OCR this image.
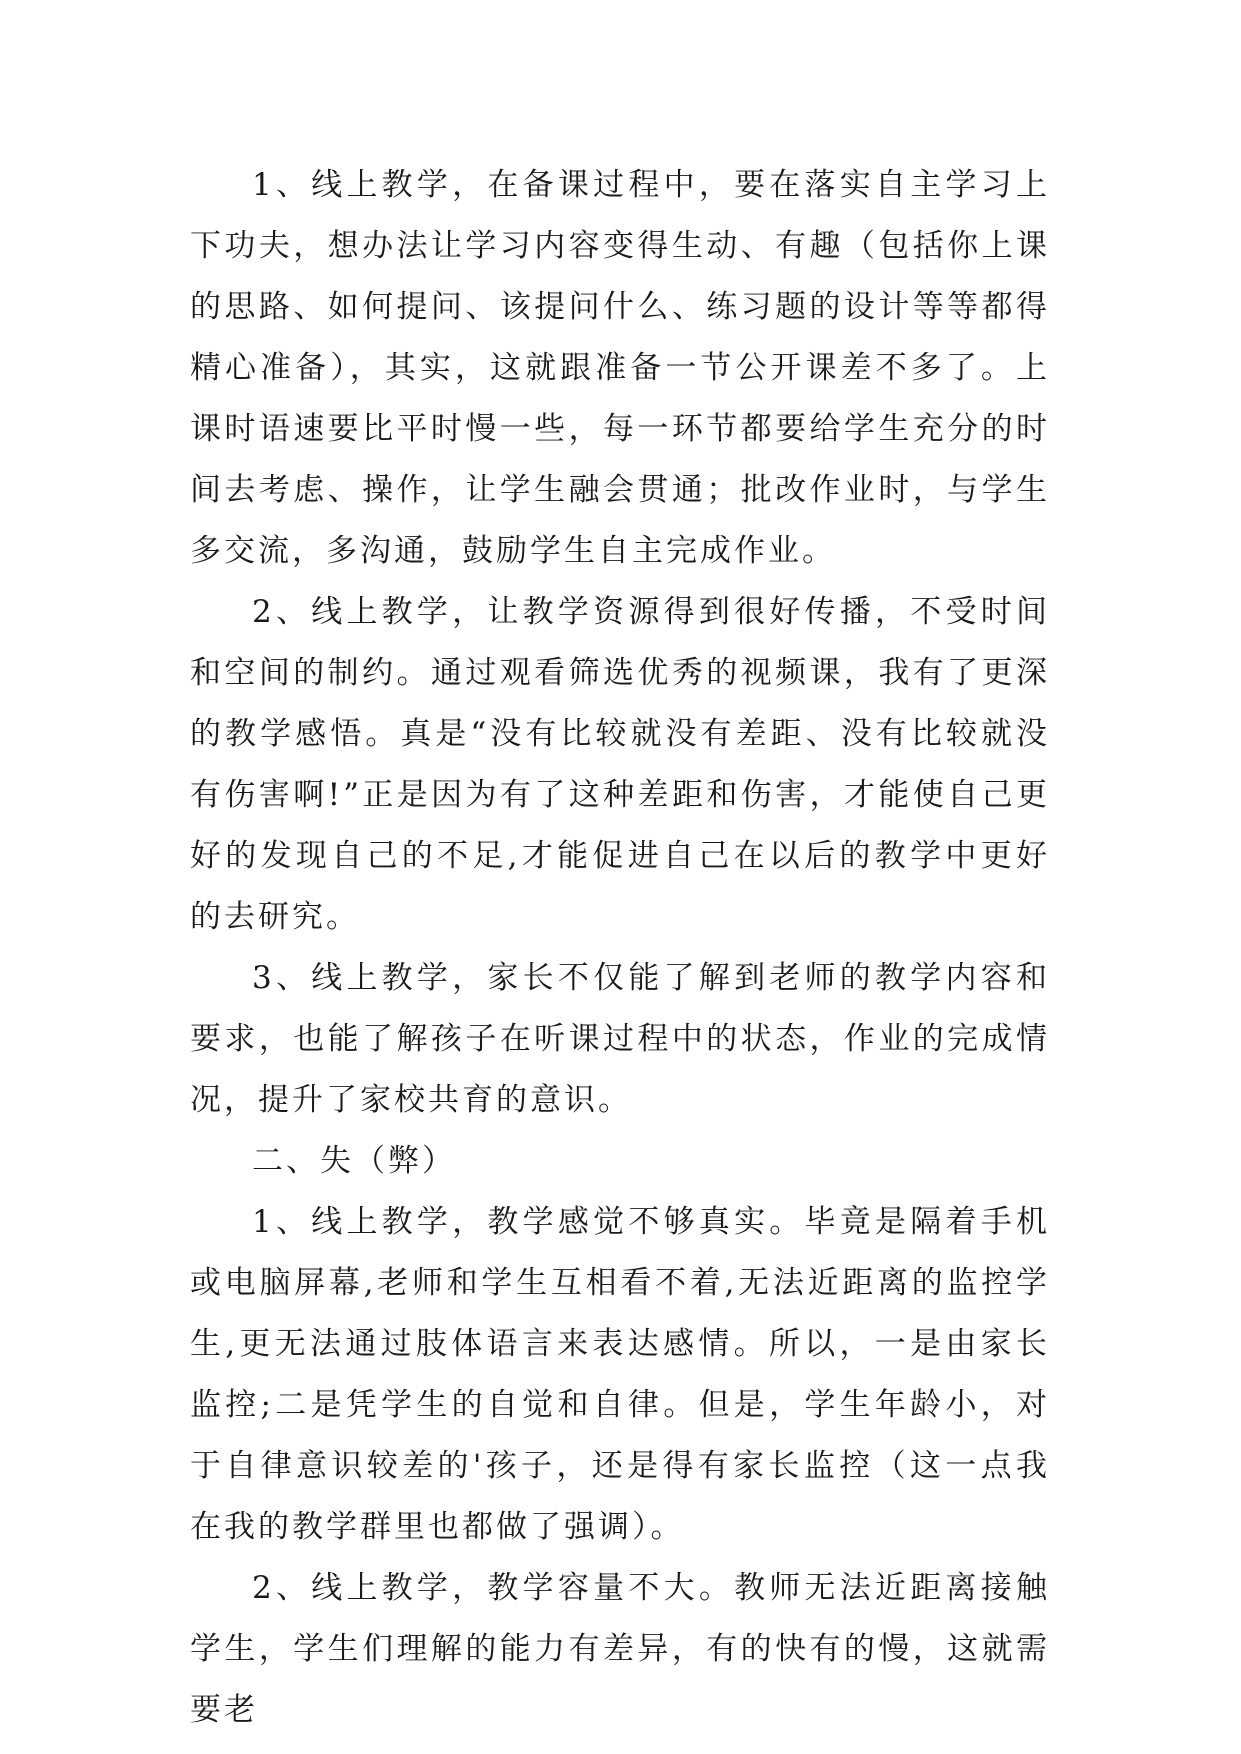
1、线上教学，在备课过程中，要在落实自主学习上下功夫，想办法让学习内容变得生动、有趣（包括你上课的思路、如何提问、该提问什么、练习题的设计等等都得精心准备），其实，这就跟准备一节公开课差不多了。上课时语速要比平时慢一些，每一环节都要给学生充分的时间去考虑、操作，让学生融会贯通；批改作业时，与学生多交流，多沟通，鼓励学生自主完成作业。

2、线上教学，让教学资源得到很好传播，不受时间和空间的制约。通过观看筛选优秀的视频课，我有了更深的教学感悟。真是“没有比较就没有差距、没有比较就没有伤害啊!”正是因为有了这种差距和伤害，才能使自己更好的发现自己的不足,才能促进自己在以后的教学中更好的去研究。

3、线上教学，家长不仅能了解到老师的教学内容和要求，也能了解孩子在听课过程中的状态，作业的完成情况，提升了家校共育的意识。

二、失（弊）

1、线上教学，教学感觉不够真实。毕竟是隔着手机或电脑屏幕,老师和学生互相看不着,无法近距离的监控学生,更无法通过肢体语言来表达感情。所以，一是由家长监控;二是凭学生的自觉和自律。但是，学生年龄小，对于自律意识较差的'孩子，还是得有家长监控（这一点我在我的教学群里也都做了强调）。

2、线上教学，教学容量不大。教师无法近距离接触学生，学生们理解的能力有差异，有的快有的慢，这就需要老
